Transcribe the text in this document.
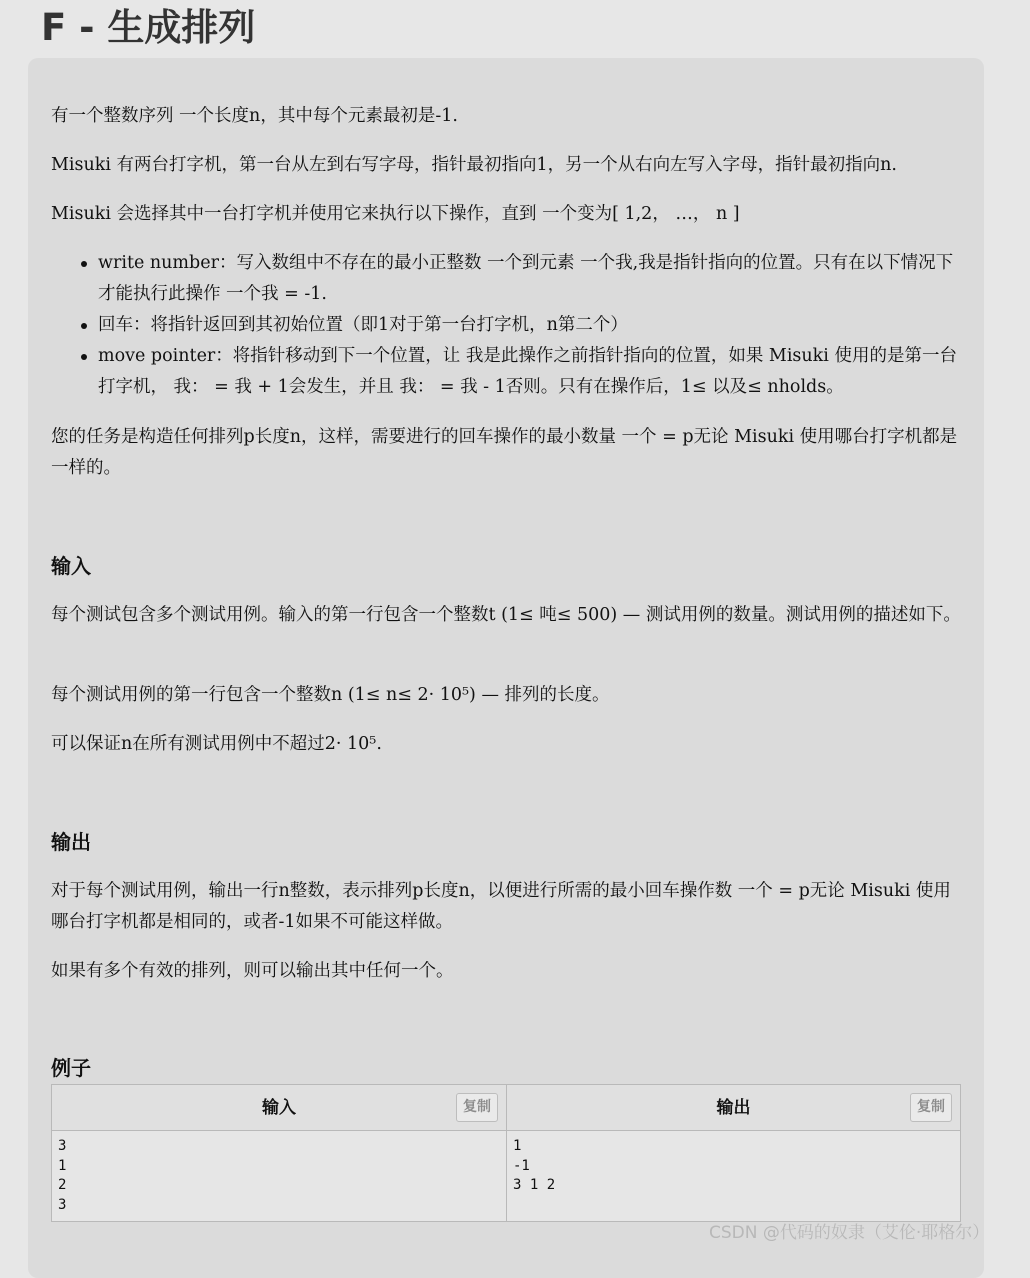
F - 生成排列

有一个整数序列 一个长度n，其中每个元素最初是-1.

Misuki 有两台打字机，第一台从左到右写字母，指针最初指向1，另一个从右向左写入字母，指针最初指向n.

Misuki 会选择其中一台打字机并使用它来执行以下操作，直到 一个变为[ 1,2， …， n ]

write number：写入数组中不存在的最小正整数 一个到元素 一个我,我是指针指向的位置。只有在以下情况下才能执行此操作 一个我 = -1.
回车：将指针返回到其初始位置（即1对于第一台打字机，n第二个）
move pointer：将指针移动到下一个位置，让 我是此操作之前指针指向的位置，如果 Misuki 使用的是第一台打字机， 我： = 我 + 1会发生，并且 我： = 我 - 1否则。只有在操作后，1≤ 以及≤ nholds。

您的任务是构造任何排列p长度n，这样，需要进行的回车操作的最小数量 一个 = p无论 Misuki 使用哪台打字机都是一样的。

输入

每个测试包含多个测试用例。输入的第一行包含一个整数t (1≤ 吨≤ 500) — 测试用例的数量。测试用例的描述如下。

每个测试用例的第一行包含一个整数n (1≤ n≤ 2· 10⁵) — 排列的长度。

可以保证n在所有测试用例中不超过2· 10⁵.

输出

对于每个测试用例，输出一行n整数，表示排列p长度n，以便进行所需的最小回车操作数 一个 = p无论 Misuki 使用哪台打字机都是相同的，或者-1如果不可能这样做。

如果有多个有效的排列，则可以输出其中任何一个。

例子
输入	复制
3
1
2
3
输出	复制
1
-1
3 1 2
CSDN @代码的奴隶（艾伦·耶格尔）
